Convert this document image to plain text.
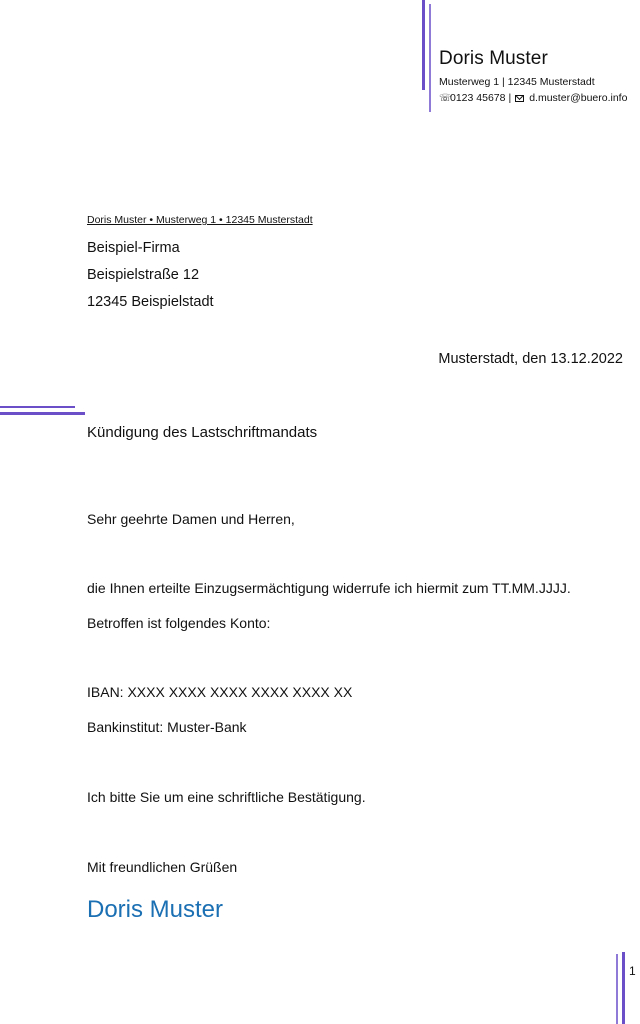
Doris Muster
Musterweg 1 | 12345 Musterstadt
☏
0123 45678 | d.muster@buero.info
Doris Muster • Musterweg 1 • 12345 Musterstadt
Beispiel-Firma
Beispielstraße 12
12345 Beispielstadt
Musterstadt, den 13.12.2022
Kündigung des Lastschriftmandats
Sehr geehrte Damen und Herren,
die Ihnen erteilte Einzugsermächtigung widerrufe ich hiermit zum TT.MM.JJJJ.
Betroffen ist folgendes Konto:
IBAN: XXXX XXXX XXXX XXXX XXXX XX
Bankinstitut: Muster-Bank
Ich bitte Sie um eine schriftliche Bestätigung.
Mit freundlichen Grüßen
Doris Muster
1
